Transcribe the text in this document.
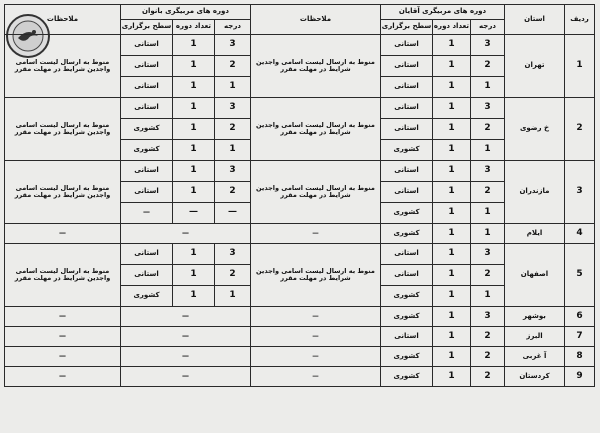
ردیف	استان	دوره های مربیگری آقایان			ملاحظات	دوره های مربیگری بانوان			ملاحظات
		درجه	تعداد دوره	سطح برگزاری		درجه	تعداد دوره	سطح برگزاری	
1	تهران	3	1	استانی	منوط به ارسال لیست اسامی واجدین شرایط در مهلت مقرر	3	1	استانی	منوط به ارسال لیست اسامی واجدین شرایط در مهلت مقرر
		2	1	استانی		2	1	استانی	
		1	1	استانی		1	1	استانی	
2	خ رضوی	3	1	استانی	منوط به ارسال لیست اسامی واجدین شرایط در مهلت مقرر	3	1	استانی	منوط به ارسال لیست اسامی واجدین شرایط در مهلت مقرر
		2	1	استانی		2	1	کشوری	
		1	1	کشوری		1	1	کشوری	
3	مازندران	3	1	استانی	منوط به ارسال لیست اسامی واجدین شرایط در مهلت مقرر	3	1	استانی	منوط به ارسال لیست اسامی واجدین شرایط در مهلت مقرر
		2	1	استانی		2	1	استانی	
		1	1	کشوری		—	—	—	
4	ایلام	1	1	کشوری	—	—			—
5	اصفهان	3	1	استانی	منوط به ارسال لیست اسامی واجدین شرایط در مهلت مقرر	3	1	استانی	منوط به ارسال لیست اسامی واجدین شرایط در مهلت مقرر
		2	1	استانی		2	1	استانی	
		1	1	کشوری		1	1	کشوری	
6	بوشهر	3	1	کشوری	—	—			—
7	البرز	2	1	استانی	—	—			—
8	آ غربی	2	1	کشوری	—	—			—
9	کردستان	2	1	کشوری	—	—			—
